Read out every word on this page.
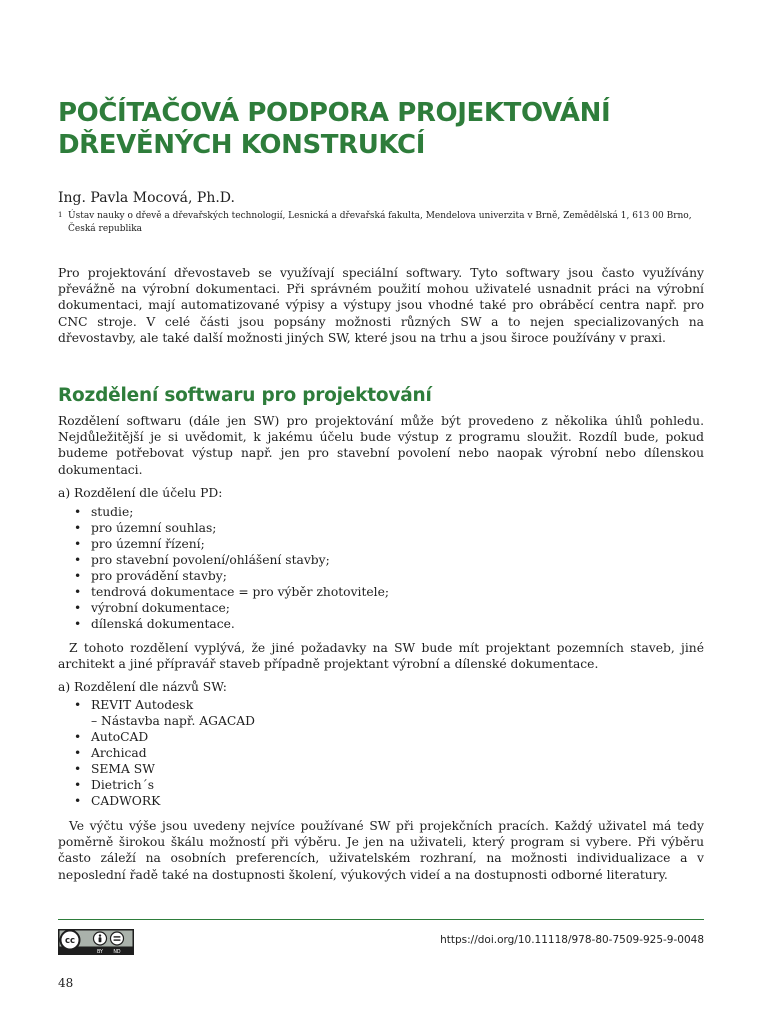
POČÍTAČOVÁ PODPORA PROJEKTOVÁNÍ
DŘEVĚNÝCH KONSTRUKCÍ
Ing. Pavla Mocová, Ph.D.
1 Ústav nauky o dřevě a dřevařských technologií, Lesnická a dřevařská fakulta, Mendelova univerzita v Brně, Zemědělská 1, 613 00 Brno, Česká republika

Pro projektování dřevostaveb se využívají speciální softwary. Tyto softwary jsou často využívány převážně na výrobní dokumentaci. Při správném použití mohou uživatelé usnadnit práci na výrobní dokumentaci, mají automatizované výpisy a výstupy jsou vhodné také pro obráběcí centra např. pro CNC stroje. V celé části jsou popsány možnosti různých SW a to nejen specializovaných na dřevostavby, ale také další možnosti jiných SW, které jsou na trhu a jsou široce používány v praxi.

Rozdělení softwaru pro projektování

Rozdělení softwaru (dále jen SW) pro projektování může být provedeno z několika úhlů pohledu. Nejdůležitější je si uvědomit, k jakému účelu bude výstup z programu sloužit. Rozdíl bude, pokud budeme potřebovat výstup např. jen pro stavební povolení nebo naopak výrobní nebo dílenskou dokumentaci.

a) Rozdělení dle účelu PD:

• studie;
• pro územní souhlas;
• pro územní řízení;
• pro stavební povolení/ohlášení stavby;
• pro provádění stavby;
• tendrová dokumentace = pro výběr zhotovitele;
• výrobní dokumentace;
• dílenská dokumentace.

Z tohoto rozdělení vyplývá, že jiné požadavky na SW bude mít projektant pozemních staveb, jiné architekt a jiné přípravář staveb případně projektant výrobní a dílenské dokumentace.

a) Rozdělení dle názvů SW:

• REVIT Autodesk
– Nástavba např. AGACAD
• AutoCAD
• Archicad
• SEMA SW
• Dietrich´s
• CADWORK

Ve výčtu výše jsou uvedeny nejvíce používané SW při projekčních pracích. Každý uživatel má tedy poměrně širokou škálu možností při výběru. Je jen na uživateli, který program si vybere. Při výběru často záleží na osobních preferencích, uživatelském rozhraní, na možnosti individualizace a v neposlední řadě také na dostupnosti školení, výukových videí a na dostupnosti odborné literatury.

cc
BY ND
https://doi.org/10.11118/978-80-7509-925-9-0048
48
